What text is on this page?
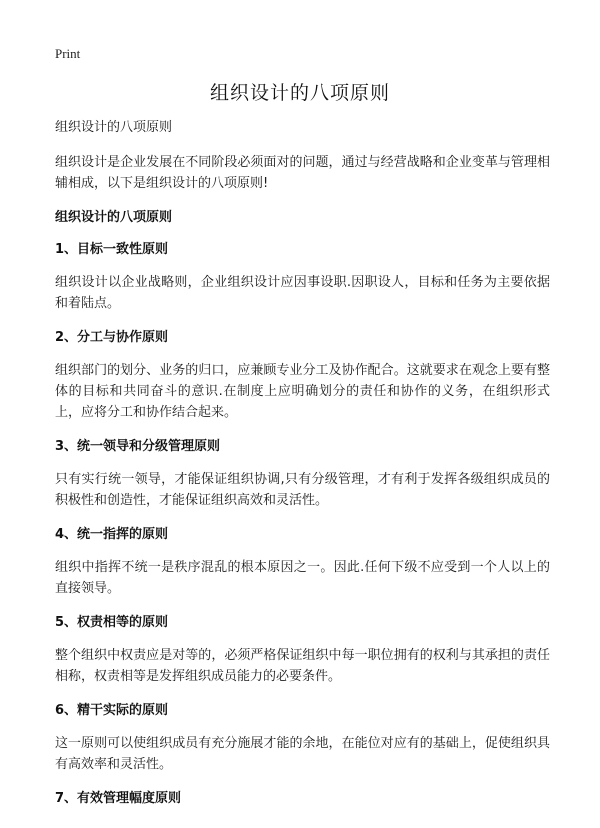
Print
组织设计的八项原则

组织设计的八项原则

组织设计是企业发展在不同阶段必须面对的问题，通过与经营战略和企业变革与管理相辅相成，以下是组织设计的八项原则!

组织设计的八项原则

1、目标一致性原则

组织设计以企业战略则，企业组织设计应因事设职.因职设人，目标和任务为主要依据和着陆点。

2、分工与协作原则

组织部门的划分、业务的归口，应兼顾专业分工及协作配合。这就要求在观念上要有整体的目标和共同奋斗的意识.在制度上应明确划分的责任和协作的义务，在组织形式上，应将分工和协作结合起来。

3、统一领导和分级管理原则

只有实行统一领导，才能保证组织协调,只有分级管理，才有利于发挥各级组织成员的积极性和创造性，才能保证组织高效和灵活性。

4、统一指挥的原则

组织中指挥不统一是秩序混乱的根本原因之一。因此.任何下级不应受到一个人以上的直接领导。

5、权责相等的原则

整个组织中权责应是对等的，必须严格保证组织中每一职位拥有的权利与其承担的责任相称，权责相等是发挥组织成员能力的必要条件。

6、精干实际的原则

这一原则可以使组织成员有充分施展才能的余地，在能位对应有的基础上，促使组织具有高效率和灵活性。

7、有效管理幅度原则
